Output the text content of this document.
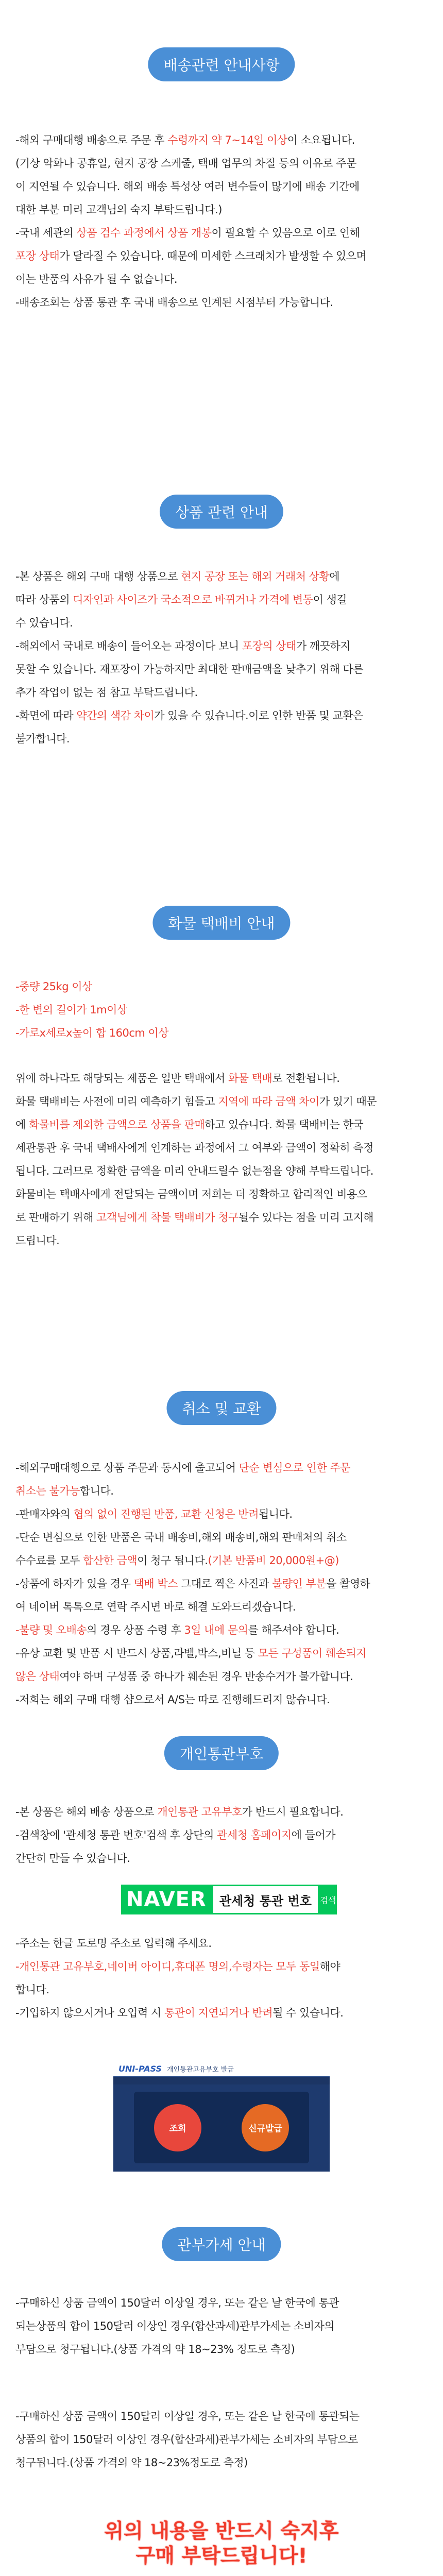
배송관련 안내사항

-해외 구매대행 배송으로 주문 후 수령까지 약 7~14일 이상이 소요됩니다.

(기상 악화나 공휴일, 현지 공장 스케줄, 택배 업무의 차질 등의 이유로 주문

이 지연될 수 있습니다. 해외 배송 특성상 여러 변수들이 많기에 배송 기간에

대한 부분 미리 고객님의 숙지 부탁드립니다.)

-국내 세관의 상품 검수 과정에서 상품 개봉이 필요할 수 있음으로 이로 인해

포장 상태가 달라질 수 있습니다. 때문에 미세한 스크래치가 발생할 수 있으며

이는 반품의 사유가 될 수 없습니다.

-배송조회는 상품 통관 후 국내 배송으로 인계된 시점부터 가능합니다.

상품 관련 안내

-본 상품은 해외 구매 대행 상품으로 현지 공장 또는 해외 거래처 상황에

따라 상품의 디자인과 사이즈가 국소적으로 바뀌거나 가격에 변동이 생길

수 있습니다.

-해외에서 국내로 배송이 들어오는 과정이다 보니 포장의 상태가 깨끗하지

못할 수 있습니다. 재포장이 가능하지만 최대한 판매금액을 낮추기 위해 다른

추가 작업이 없는 점 참고 부탁드립니다.

-화면에 따라 약간의 색감 차이가 있을 수 있습니다.이로 인한 반품 및 교환은

불가합니다.

화물 택배비 안내

-중량 25kg 이상

-한 변의 길이가 1m이상

-가로x세로x높이 합 160cm 이상

위에 하나라도 해당되는 제품은 일반 택배에서 화물 택배로 전환됩니다.

화물 택배비는 사전에 미리 예측하기 힘들고 지역에 따라 금액 차이가 있기 때문

에 화물비를 제외한 금액으로 상품을 판매하고 있습니다. 화물 택배비는 한국

세관통관 후 국내 택배사에게 인계하는 과정에서 그 여부와 금액이 정확히 측정

됩니다. 그러므로 정확한 금액을 미리 안내드릴수 없는점을 양해 부탁드립니다.

화물비는 택배사에게 전달되는 금액이며 저희는 더 정확하고 합리적인 비용으

로 판매하기 위해 고객님에게 착불 택배비가 청구될수 있다는 점을 미리 고지해

드립니다.

취소 및 교환

-해외구매대행으로 상품 주문과 동시에 출고되어 단순 변심으로 인한 주문

취소는 불가능합니다.

-판매자와의 협의 없이 진행된 반품, 교환 신청은 반려됩니다.

-단순 변심으로 인한 반품은 국내 배송비,해외 배송비,해외 판매처의 취소

수수료를 모두 합산한 금액이 청구 됩니다.(기본 반품비 20,000원+@)

-상품에 하자가 있을 경우 택배 박스 그대로 찍은 사진과 불량인 부분을 촬영하

여 네이버 톡톡으로 연락 주시면 바로 해결 도와드리겠습니다.

-불량 및 오배송의 경우 상품 수령 후 3일 내에 문의를 해주셔야 합니다.

-유상 교환 및 반품 시 반드시 상품,라벨,박스,비닐 등 모든 구성품이 훼손되지

않은 상태여야 하며 구성품 중 하나가 훼손된 경우 반송수거가 불가합니다.

-저희는 해외 구매 대행 샵으로서 A/S는 따로 진행해드리지 않습니다.

개인통관부호

-본 상품은 해외 배송 상품으로 개인통관 고유부호가 반드시 필요합니다.

-검색창에 '관세청 통관 번호'검색 후 상단의 관세청 홈페이지에 들어가

간단히 만들 수 있습니다.

NAVER	관세청 통관 번호	검색

-주소는 한글 도로명 주소로 입력해 주세요.

-개인통관 고유부호,네이버 아이디,휴대폰 명의,수령자는 모두 동일해야

합니다.

-기입하지 않으시거나 오입력 시 통관이 지연되거나 반려될 수 있습니다.

UNI-PASS 개인통관고유부호 발급
조회	신규발급
관부가세 안내

-구매하신 상품 금액이 150달러 이상일 경우, 또는 같은 날 한국에 통관

되는상품의 합이 150달러 이상인 경우(합산과세)관부가세는 소비자의

부담으로 청구됩니다.(상품 가격의 약 18~23% 정도로 측정)

-구매하신 상품 금액이 150달러 이상일 경우, 또는 같은 날 한국에 통관되는

상품의 합이 150달러 이상인 경우(합산과세)관부가세는 소비자의 부담으로

청구됩니다.(상품 가격의 약 18~23%정도로 측정)

위의 내용을 반드시 숙지후
구매 부탁드립니다!
